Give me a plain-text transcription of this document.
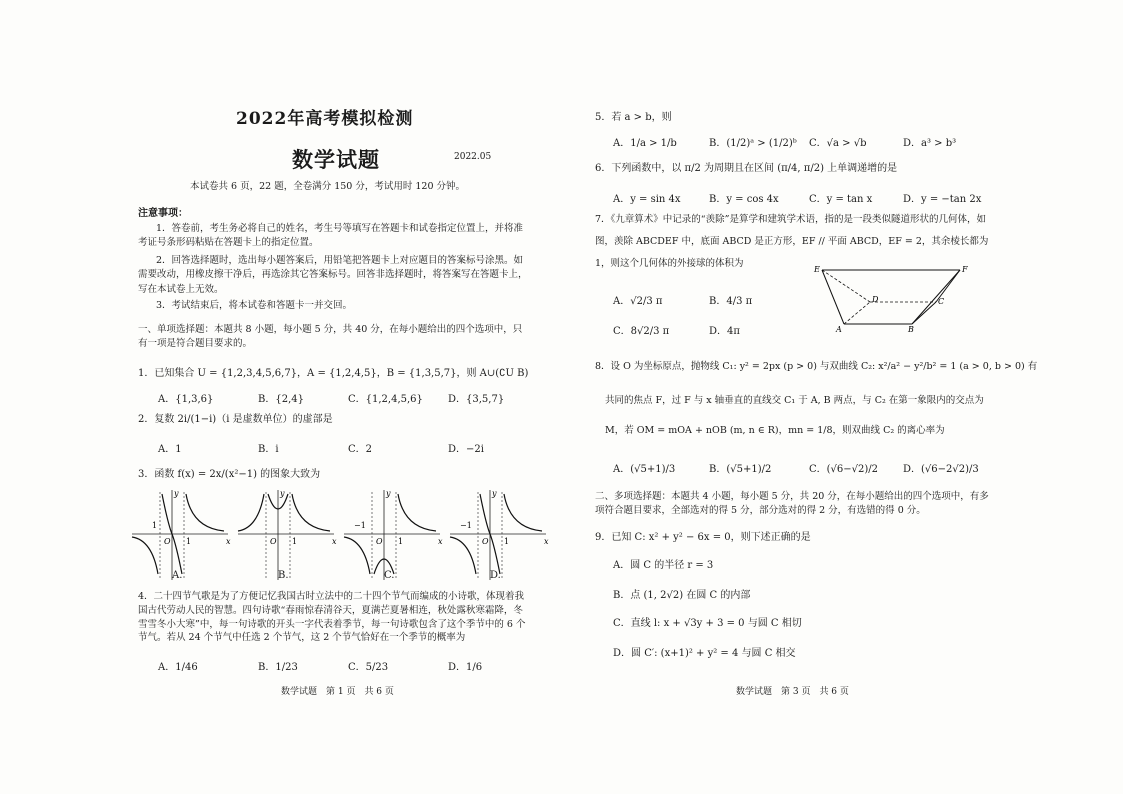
2022年高考模拟检测
数学试题	2022.05
本试卷共 6 页，22 题，全卷满分 150 分，考试用时 120 分钟。
注意事项：
1．答卷前，考生务必将自己的姓名，考生号等填写在答题卡和试卷指定位置上，并将准考证号条形码粘贴在答题卡上的指定位置。
2．回答选择题时，选出每小题答案后，用铅笔把答题卡上对应题目的答案标号涂黑。如需要改动，用橡皮擦干净后，再选涂其它答案标号。回答非选择题时，将答案写在答题卡上，写在本试卷上无效。
3．考试结束后，将本试卷和答题卡一并交回。
一、单项选择题：本题共 8 小题，每小题 5 分，共 40 分，在每小题给出的四个选项中，只有一项是符合题目要求的。
1．已知集合 U = {1,2,3,4,5,6,7}，A = {1,2,4,5}，B = {1,3,5,7}，则 A∪(∁U B)
A．{1,3,6}	B．{2,4}	C．{1,2,4,5,6}	D．{3,5,7}
2．复数 2i/(1−i)（i 是虚数单位）的虚部是
A．1	B．i	C．2	D．−2i
3．函数 f(x) = 2x/(x²−1) 的图象大致为
y
x
O
1
1
y
x
O 1
y
x
O
−1
1
y
x
O
−1
1
A.	B.	C.	D.
4．二十四节气歌是为了方便记忆我国古时立法中的二十四个节气而编成的小诗歌，体现着我国古代劳动人民的智慧。四句诗歌“春雨惊春清谷天，夏满芒夏暑相连，秋处露秋寒霜降，冬雪雪冬小大寒”中，每一句诗歌的开头一字代表着季节，每一句诗歌包含了这个季节中的 6 个节气。若从 24 个节气中任选 2 个节气，这 2 个节气恰好在一个季节的概率为
A．1/46	B．1/23	C．5/23	D．1/6
数学试题　第 1 页　共 6 页
5．若 a > b，则
A．1/a > 1/b	B．(1/2)ᵃ > (1/2)ᵇ C．√a > √b	D．a³ > b³
6．下列函数中，以 π/2 为周期且在区间 (π/4, π/2) 上单调递增的是
A．y = sin 4x	B．y = cos 4x	C．y = tan x	D．y = −tan 2x
7．《九章算术》中记录的“羡除”是算学和建筑学术语，指的是一段类似隧道形状的几何体，如图，羡除 ABCDEF 中，底面 ABCD 是正方形，EF // 平面 ABCD，EF = 2，其余棱长都为 1，则这个几何体的外接球的体积为
A．√2/3 π	B．4/3 π
C．8√2/3 π	D．4π
E	F
D	C
A	B
8．设 O 为坐标原点，抛物线 C₁: y² = 2px (p > 0) 与双曲线 C₂: x²/a² − y²/b² = 1 (a > 0, b > 0) 有
共同的焦点 F，过 F 与 x 轴垂直的直线交 C₁ 于 A, B 两点，与 C₂ 在第一象限内的交点为
M，若 OM = mOA + nOB (m, n ∈ R)，mn = 1/8，则双曲线 C₂ 的离心率为
A．(√5+1)/3	B．(√5+1)/2	C．(√6−√2)/2 D．(√6−2√2)/3
二、多项选择题：本题共 4 小题，每小题 5 分，共 20 分，在每小题给出的四个选项中，有多项符合题目要求，全部选对的得 5 分，部分选对的得 2 分，有选错的得 0 分。
9．已知 C: x² + y² − 6x = 0，则下述正确的是
A．圆 C 的半径 r = 3
B．点 (1, 2√2) 在圆 C 的内部
C．直线 l: x + √3y + 3 = 0 与圆 C 相切
D．圆 C′: (x+1)² + y² = 4 与圆 C 相交
数学试题　第 3 页　共 6 页
